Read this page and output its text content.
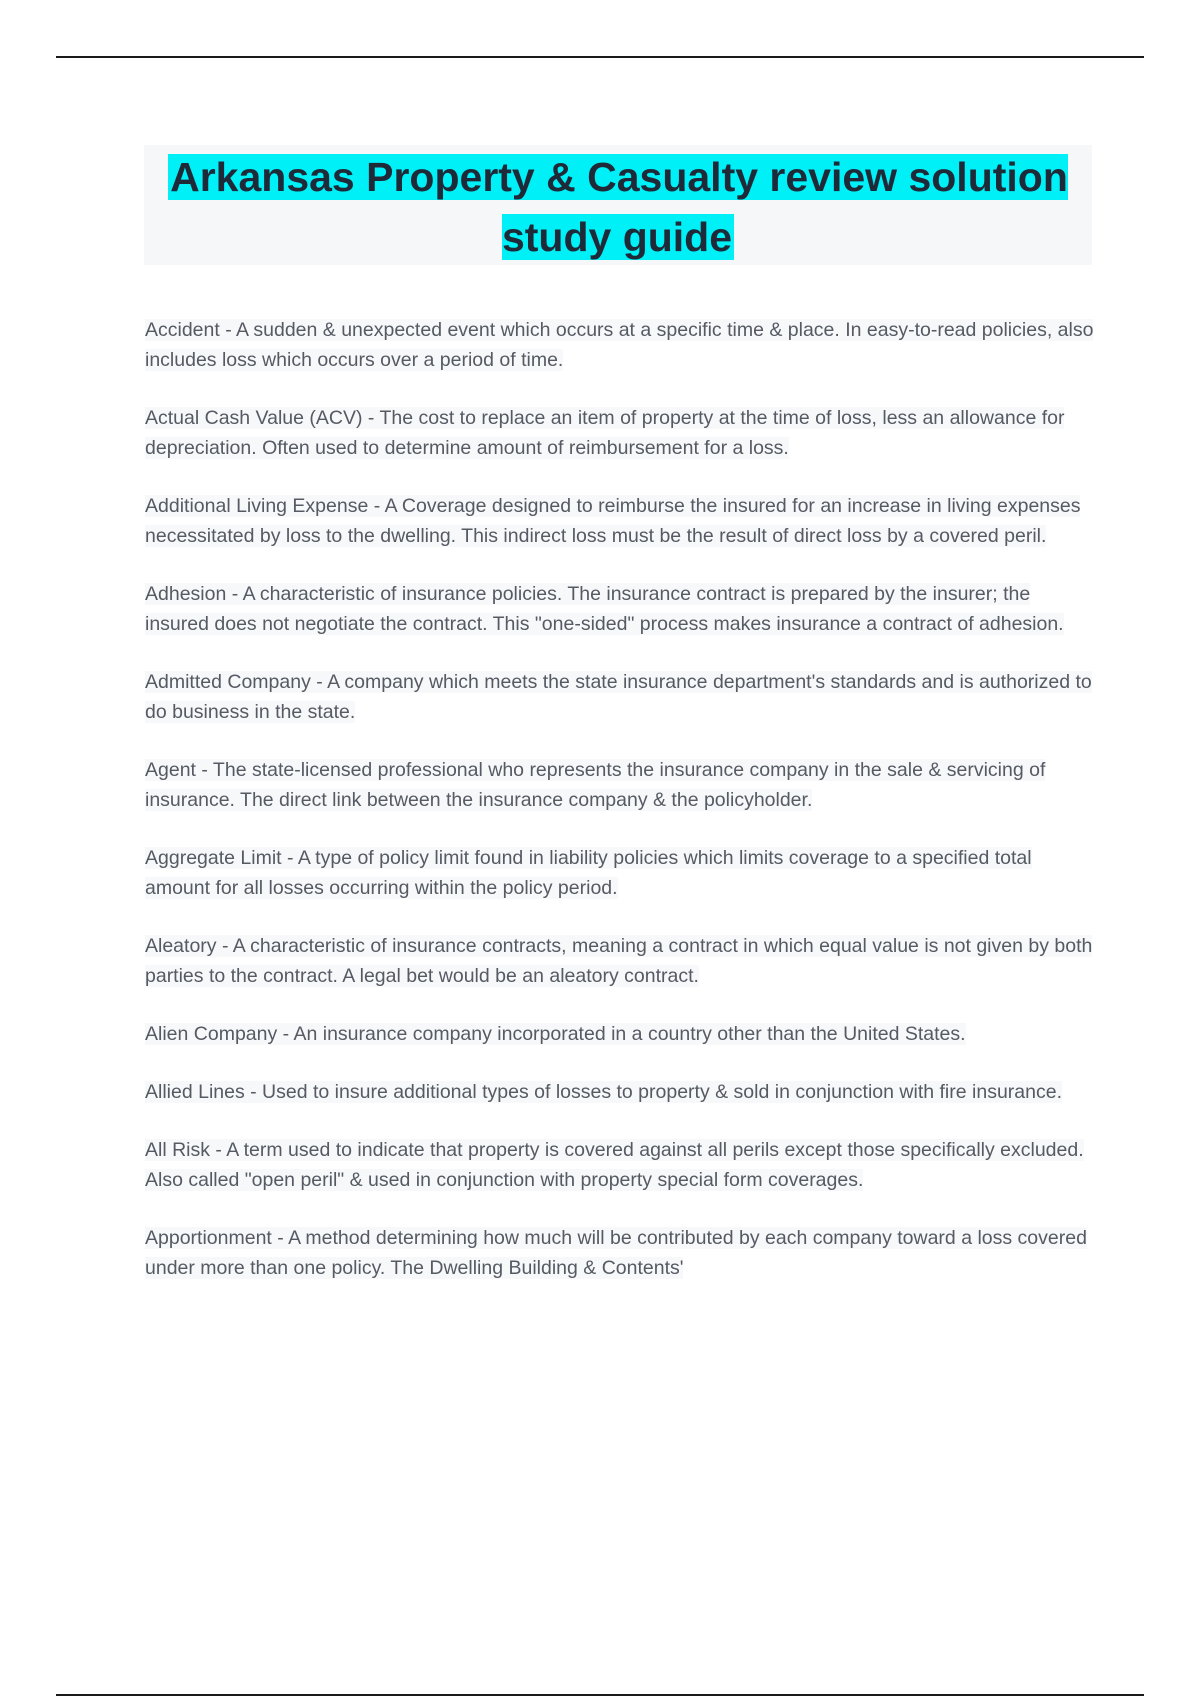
Arkansas Property & Casualty review solution study guide

Accident - A sudden & unexpected event which occurs at a specific time & place. In easy-to-read policies, also includes loss which occurs over a period of time.

Actual Cash Value (ACV) - The cost to replace an item of property at the time of loss, less an allowance for depreciation. Often used to determine amount of reimbursement for a loss.

Additional Living Expense - A Coverage designed to reimburse the insured for an increase in living expenses necessitated by loss to the dwelling. This indirect loss must be the result of direct loss by a covered peril.

Adhesion - A characteristic of insurance policies. The insurance contract is prepared by the insurer; the insured does not negotiate the contract. This "one-sided" process makes insurance a contract of adhesion.

Admitted Company - A company which meets the state insurance department's standards and is authorized to do business in the state.

Agent - The state-licensed professional who represents the insurance company in the sale & servicing of insurance. The direct link between the insurance company & the policyholder.

Aggregate Limit - A type of policy limit found in liability policies which limits coverage to a specified total amount for all losses occurring within the policy period.

Aleatory - A characteristic of insurance contracts, meaning a contract in which equal value is not given by both parties to the contract. A legal bet would be an aleatory contract.

Alien Company - An insurance company incorporated in a country other than the United States.

Allied Lines - Used to insure additional types of losses to property & sold in conjunction with fire insurance.

All Risk - A term used to indicate that property is covered against all perils except those specifically excluded. Also called "open peril" & used in conjunction with property special form coverages.

Apportionment - A method determining how much will be contributed by each company toward a loss covered under more than one policy. The Dwelling Building & Contents'
